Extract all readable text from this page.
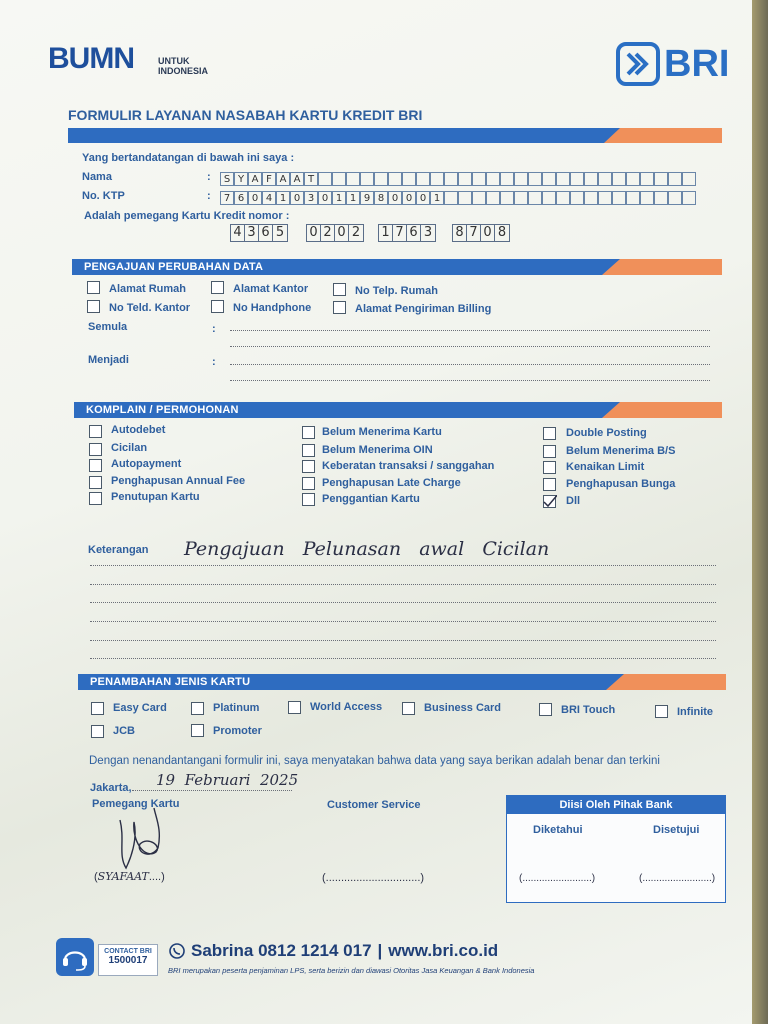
BUMN	UNTUK
INDONESIA	BRI
FORMULIR LAYANAN NASABAH KARTU KREDIT BRI
Yang bertandatangan di bawah ini saya :
Nama	:	S Y A F A A T
No. KTP	:	7 6 0 4 1 0 3 0 1 1 9 8 0 0 0 1
Adalah pemegang Kartu Kredit nomor :
4 3 6 5 0 2 0 2 1 7 6 3 8 7 0 8
PENGAJUAN PERUBAHAN DATA
Alamat Rumah	Alamat Kantor	No Telp. Rumah
No Teld. Kantor	No Handphone	Alamat Pengiriman Billing
Semula	:
Menjadi	:
KOMPLAIN / PERMOHONAN
Autodebet
Cicilan
Autopayment
Penghapusan Annual Fee
Penutupan Kartu
Belum Menerima Kartu
Belum Menerima OIN
Keberatan transaksi / sanggahan
Penghapusan Late Charge
Penggantian Kartu
Double Posting
Belum Menerima B/S
Kenaikan Limit
Penghapusan Bunga
Dll
Keterangan Pengajuan   Pelunasan   awal   Cicilan
PENAMBAHAN JENIS KARTU
Easy Card	Platinum	World Access	Business Card	BRI Touch	Infinite
JCB	Promoter
Dengan nenandantangani formulir ini, saya menyatakan bahwa data yang saya berikan adalah benar dan terkini
Jakarta, 19  Februari  2025
Pemegang Kartu	Customer Service
(SYAFAAT....)	(...............................)
Diisi Oleh Pihak Bank
Diketahui	Disetujui
(.........................)	(.........................)
CONTACT BRI
1500017
Sabrina 0812 1214 017 | www.bri.co.id
BRI merupakan peserta penjaminan LPS, serta berizin dan diawasi Otoritas Jasa Keuangan & Bank Indonesia
